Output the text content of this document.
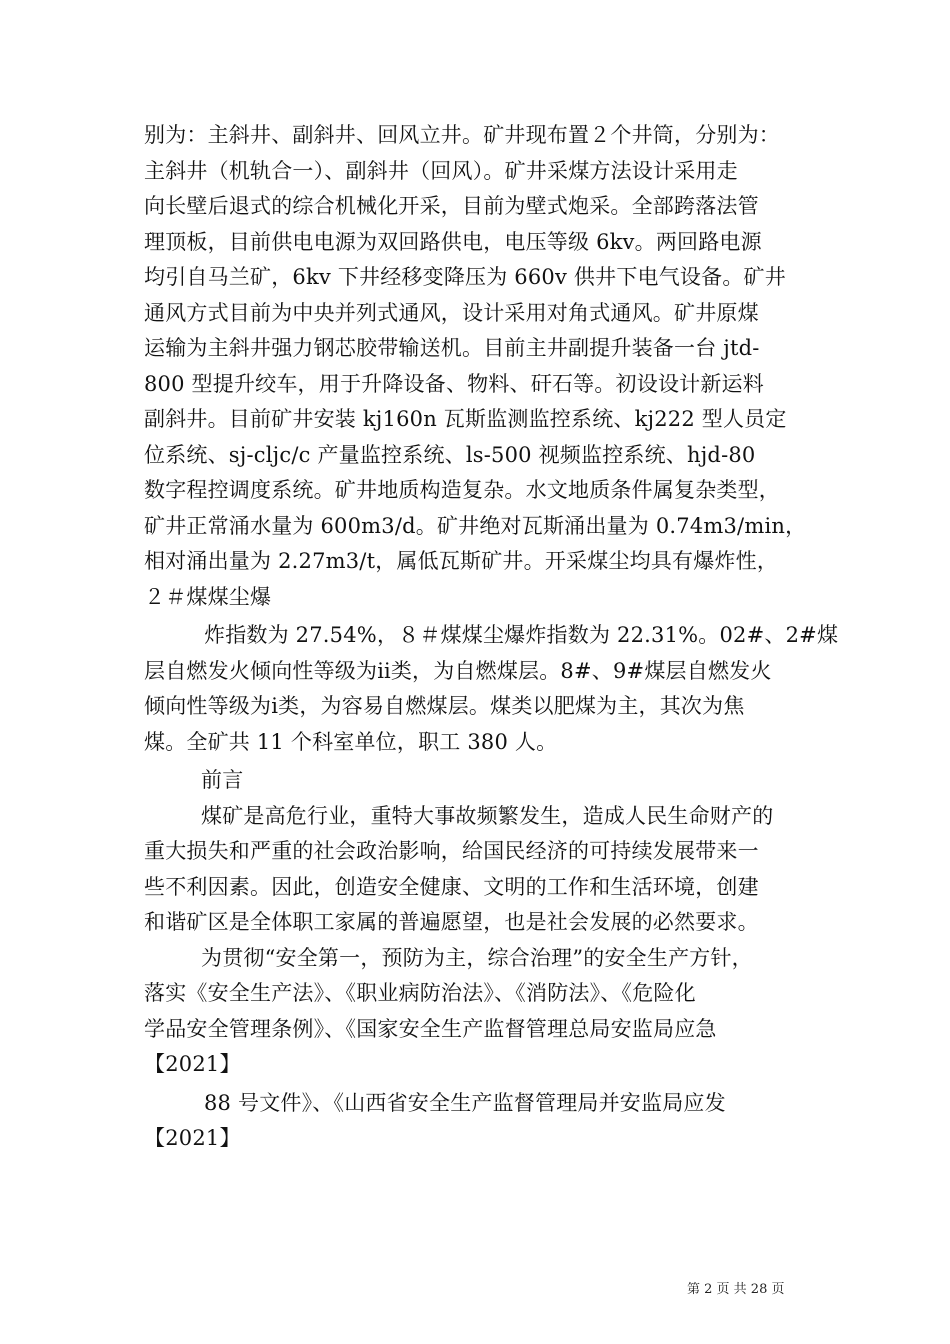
别为：主斜井、副斜井、回风立井。矿井现布置２个井筒，分别为：
主斜井（机轨合一）、副斜井（回风）。矿井采煤方法设计采用走
向长壁后退式的综合机械化开采，目前为壁式炮采。全部跨落法管
理顶板，目前供电电源为双回路供电，电压等级 6kv。两回路电源
均引自马兰矿，6kv 下井经移变降压为 660v 供井下电气设备。矿井
通风方式目前为中央并列式通风，设计采用对角式通风。矿井原煤
运输为主斜井强力钢芯胶带输送机。目前主井副提升装备一台 jtd-
800 型提升绞车，用于升降设备、物料、矸石等。初设设计新运料
副斜井。目前矿井安装 kj160n 瓦斯监测监控系统、kj222 型人员定
位系统、sj-cljc/c 产量监控系统、ls-500 视频监控系统、hjd-80
数字程控调度系统。矿井地质构造复杂。水文地质条件属复杂类型，
矿井正常涌水量为 600m3/d。矿井绝对瓦斯涌出量为 0.74m3/min，
相对涌出量为 2.27m3/t，属低瓦斯矿井。开采煤尘均具有爆炸性，
２＃煤煤尘爆
炸指数为 27.54%，８＃煤煤尘爆炸指数为 22.31%。02#、2#煤
层自燃发火倾向性等级为ⅱ类，为自燃煤层。8#、9#煤层自燃发火
倾向性等级为ⅰ类，为容易自燃煤层。煤类以肥煤为主，其次为焦
煤。全矿共 11 个科室单位，职工 380 人。
前言
煤矿是高危行业，重特大事故频繁发生，造成人民生命财产的
重大损失和严重的社会政治影响，给国民经济的可持续发展带来一
些不利因素。因此，创造安全健康、文明的工作和生活环境，创建
和谐矿区是全体职工家属的普遍愿望，也是社会发展的必然要求。
为贯彻“安全第一，预防为主，综合治理”的安全生产方针，
落实《安全生产法》、《职业病防治法》、《消防法》、《危险化
学品安全管理条例》、《国家安全生产监督管理总局安监局应急
【2021】
88 号文件》、《山西省安全生产监督管理局并安监局应发
【2021】
第 2 页 共 28 页
